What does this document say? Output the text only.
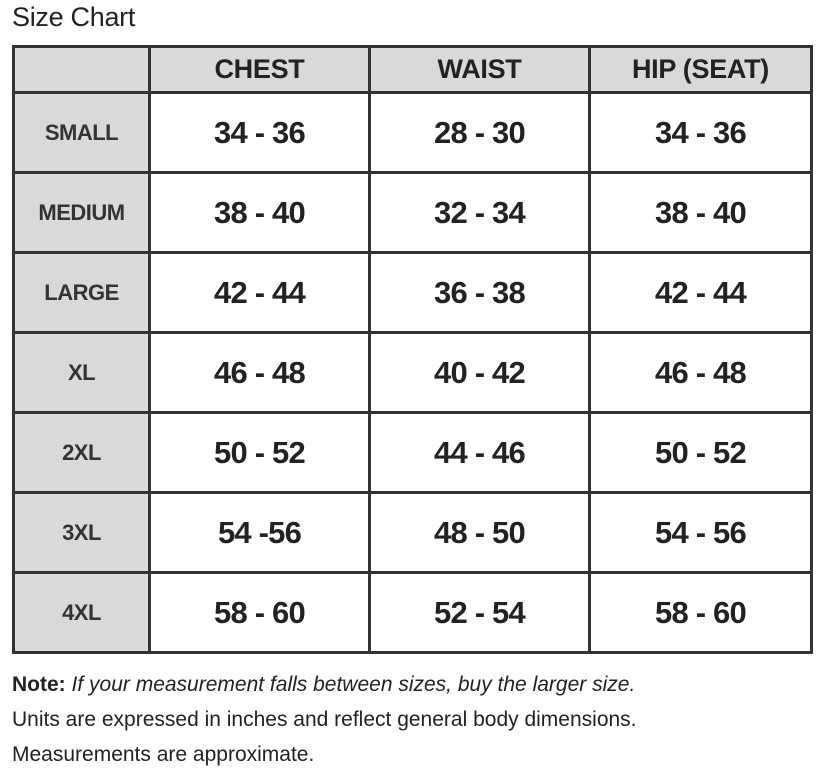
Size Chart
	CHEST	WAIST	HIP (SEAT)
SMALL	34 - 36	28 - 30	34 - 36
MEDIUM	38 - 40	32 - 34	38 - 40
LARGE	42 - 44	36 - 38	42 - 44
XL	46 - 48	40 - 42	46 - 48
2XL	50 - 52	44 - 46	50 - 52
3XL	54 -56	48 - 50	54 - 56
4XL	58 - 60	52 - 54	58 - 60
Note: If your measurement falls between sizes, buy the larger size.
Units are expressed in inches and reflect general body dimensions.
Measurements are approximate.
